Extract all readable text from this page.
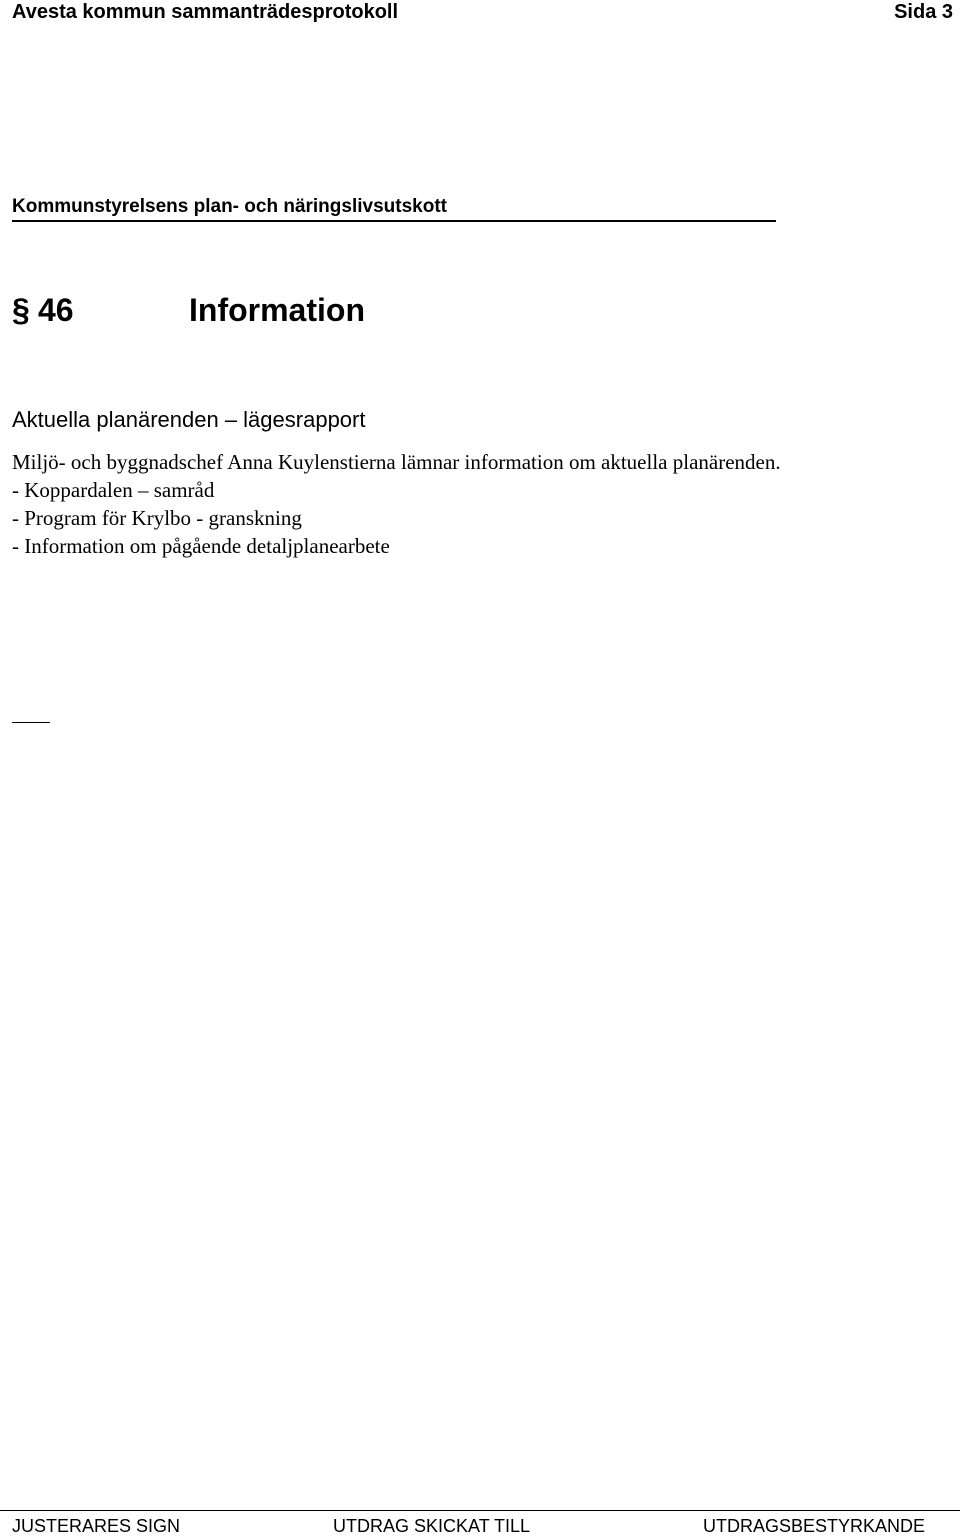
Avesta kommun sammanträdesprotokoll	Sida 3
Kommunstyrelsens plan- och näringslivsutskott
§ 46	Information
Aktuella planärenden – lägesrapport
Miljö- och byggnadschef Anna Kuylenstierna lämnar information om aktuella planärenden.
- Koppardalen – samråd
- Program för Krylbo - granskning
- Information om pågående detaljplanearbete
JUSTERARES SIGN	UTDRAG SKICKAT TILL	UTDRAGSBESTYRKANDE
